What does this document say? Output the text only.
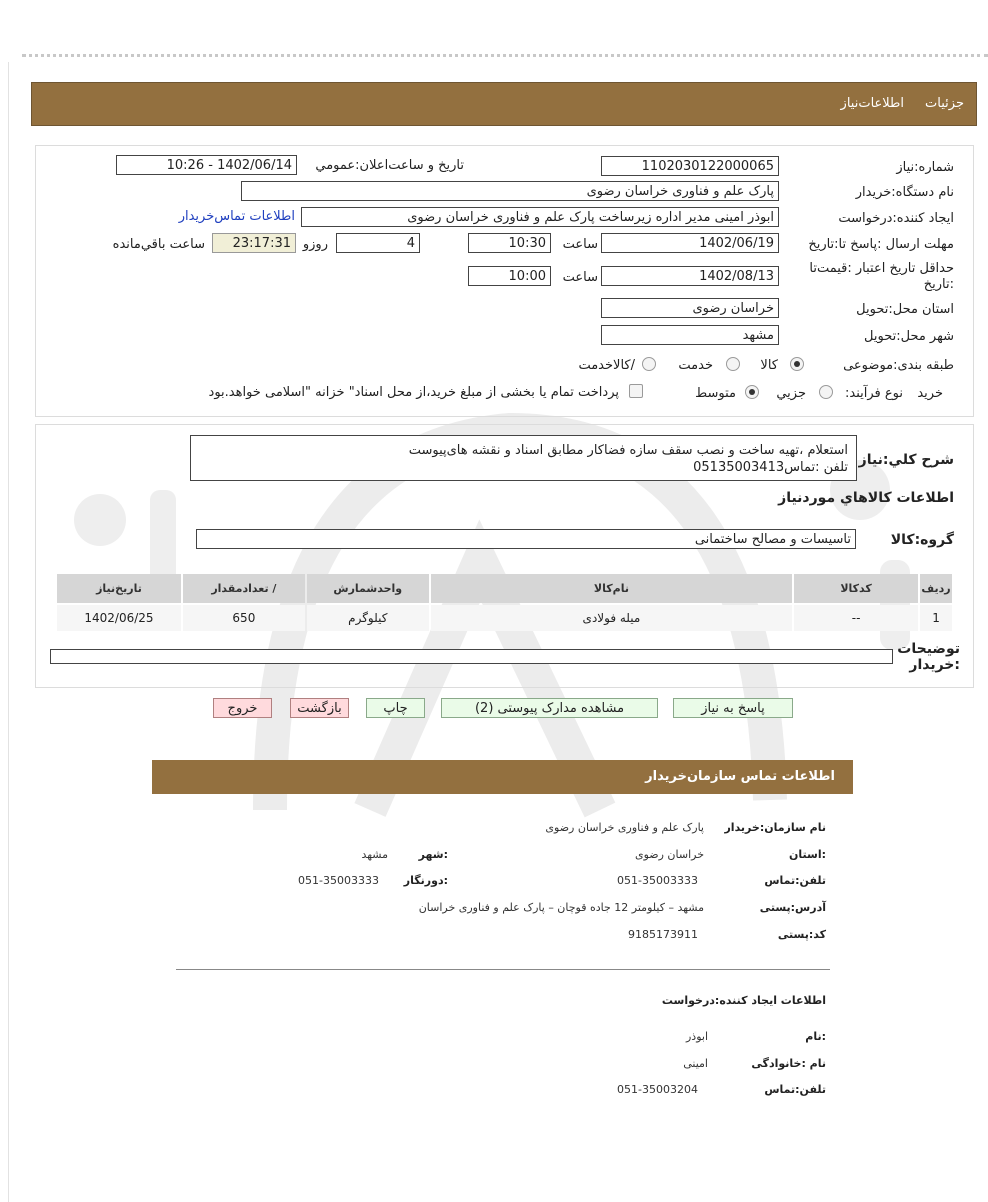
جزئیات
اطلاعات‌نیاز
شماره:نیاز
1102030122000065
تاریخ و ساعت‌اعلان:عمومي
1402/06/14 - 10:26
نام دستگاه:خریدار
پارک علم و فناوری خراسان رضوی
ایجاد کننده:درخواست
ابوذر امینی مدیر اداره زیرساخت پارک علم و فناوری خراسان رضوی
اطلاعات تماس‌خریدار
مهلت ارسال :پاسخ تا:تاریخ
1402/06/19
ساعت
10:30
4
روزو
23:17:31
ساعت باقي‌مانده
حداقل تاریخ اعتبار :قیمت‌تا :تاریخ
1402/08/13
ساعت
10:00
استان محل:تحویل
خراسان رضوی
شهر محل:تحویل
مشهد
طبقه بندی:موضوعی
کالا
خدمت
/کالاخدمت
نوع فرآیند: خرید
جزيي
متوسط
پرداخت تمام یا بخشی از مبلغ خرید،از محل اسناد" خزانه "اسلامی خواهد.بود
شرح کلي:نیاز
استعلام ،تهیه ساخت و نصب سقف سازه فضاکار مطابق اسناد و نقشه های‌پیوست
تلفن :تماس05135003413
اطلاعات کالاهاي موردنیاز
گروه:کالا
تاسیسات و مصالح ساختمانی
ردیف	کدکالا	نام‌کالا	واحدشمارش	/ تعدادمقدار	تاریخ‌نیاز
1	--	میله فولادی	کیلوگرم	650	1402/06/25
توضیحات :خریدار
پاسخ به نیاز
مشاهده مدارک پیوستی (2)
چاپ
بازگشت
خروج
اطلاعات تماس سازمان‌خریدار
نام سازمان:خریدار
پارک علم و فناوری خراسان رضوی
:استان
خراسان رضوی
:شهر
مشهد
تلفن:تماس
051-35003333
:دورنگار
051-35003333
آدرس:پستی
مشهد – کیلومتر 12 جاده قوچان – پارک علم و فناوری خراسان
کد:پستی
9185173911
اطلاعات ایجاد کننده:درخواست
:نام
ابوذر
نام :خانوادگی
امینی
تلفن:تماس
051-35003204
